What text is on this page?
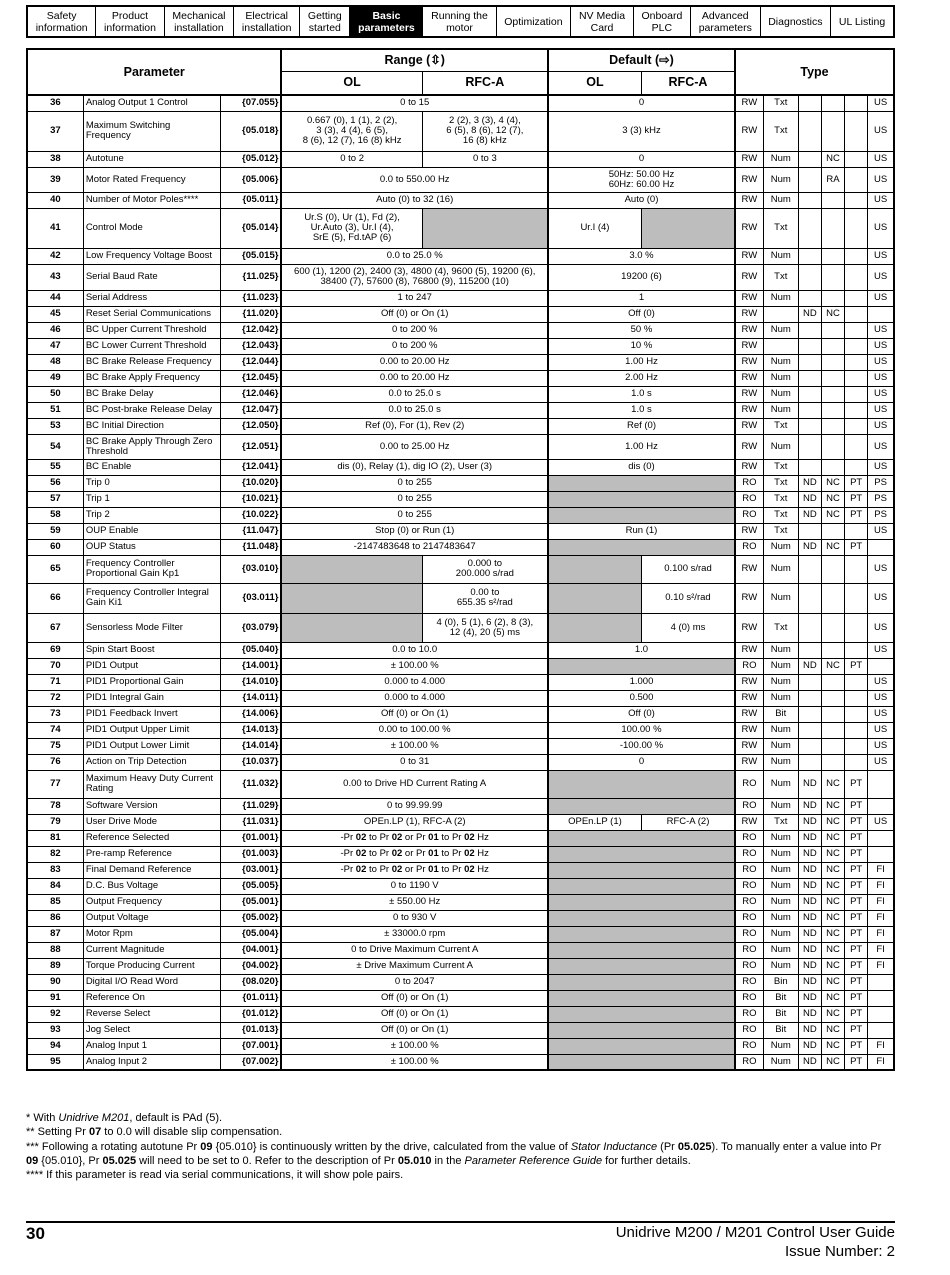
Safety
information
Product
information
Mechanical
installation
Electrical
installation
Getting
started
Basic
parameters
Running the
motor	Optimization	NV Media
Card
Onboard
PLC
Advanced
parameters	Diagnostics	UL Listing
Parameter			Range (⇳)		Default (⇨)		Type					
			OL	RFC-A	OL	RFC-A						
36	Analog Output 1 Control	{07.055}	0 to 15		0		RW	Txt				US
37	Maximum Switching Frequency	{05.018}	0.667 (0), 1 (1), 2 (2),
3 (3), 4 (4), 6 (5),
8 (6), 12 (7), 16 (8) kHz	2 (2), 3 (3), 4 (4),
6 (5), 8 (6), 12 (7),
16 (8) kHz	3 (3) kHz		RW	Txt				US
38	Autotune	{05.012}	0 to 2	0 to 3	0		RW	Num		NC		US
39	Motor Rated Frequency	{05.006}	0.0 to 550.00 Hz		50Hz: 50.00 Hz
60Hz: 60.00 Hz		RW	Num		RA		US
40	Number of Motor Poles****	{05.011}	Auto (0) to 32 (16)		Auto (0)		RW	Num				US
41	Control Mode	{05.014}	Ur.S (0), Ur (1), Fd (2),
Ur.Auto (3), Ur.I (4),
SrE (5), Fd.tAP (6)		Ur.I (4)		RW	Txt				US
42	Low Frequency Voltage Boost	{05.015}	0.0 to 25.0 %		3.0 %		RW	Num				US
43	Serial Baud Rate	{11.025}	600 (1), 1200 (2), 2400 (3), 4800 (4), 9600 (5), 19200 (6),
38400 (7), 57600 (8), 76800 (9), 115200 (10)		19200 (6)		RW	Txt				US
44	Serial Address	{11.023}	1 to 247		1		RW	Num				US
45	Reset Serial Communications	{11.020}	Off (0) or On (1)		Off (0)		RW		ND	NC		
46	BC Upper Current Threshold	{12.042}	0 to 200 %		50 %		RW	Num				US
47	BC Lower Current Threshold	{12.043}	0 to 200 %		10 %		RW					US
48	BC Brake Release Frequency	{12.044}	0.00 to 20.00 Hz		1.00 Hz		RW	Num				US
49	BC Brake Apply Frequency	{12.045}	0.00 to 20.00 Hz		2.00 Hz		RW	Num				US
50	BC Brake Delay	{12.046}	0.0 to 25.0 s		1.0 s		RW	Num				US
51	BC Post-brake Release Delay	{12.047}	0.0 to 25.0 s		1.0 s		RW	Num				US
53	BC Initial Direction	{12.050}	Ref (0), For (1), Rev (2)		Ref (0)		RW	Txt				US
54	BC Brake Apply Through Zero
Threshold	{12.051}	0.00 to 25.00 Hz		1.00 Hz		RW	Num				US
55	BC Enable	{12.041}	dis (0), Relay (1), dig IO (2), User (3)		dis (0)		RW	Txt				US
56	Trip 0	{10.020}	0 to 255				RO	Txt	ND	NC	PT	PS
57	Trip 1	{10.021}	0 to 255				RO	Txt	ND	NC	PT	PS
58	Trip 2	{10.022}	0 to 255				RO	Txt	ND	NC	PT	PS
59	OUP Enable	{11.047}	Stop (0) or Run (1)		Run (1)		RW	Txt				US
60	OUP Status	{11.048}	-2147483648 to 2147483647				RO	Num	ND	NC	PT	
65	Frequency Controller
Proportional Gain Kp1	{03.010}		0.000 to
200.000 s/rad		0.100 s/rad	RW	Num				US
66	Frequency Controller Integral
Gain Ki1	{03.011}		0.00 to
655.35 s²/rad		0.10 s²/rad	RW	Num				US
67	Sensorless Mode Filter	{03.079}		4 (0), 5 (1), 6 (2), 8 (3),
12 (4), 20 (5) ms		4 (0) ms	RW	Txt				US
69	Spin Start Boost	{05.040}	0.0 to 10.0		1.0		RW	Num				US
70	PID1 Output	{14.001}	± 100.00 %				RO	Num	ND	NC	PT	
71	PID1 Proportional Gain	{14.010}	0.000 to 4.000		1.000		RW	Num				US
72	PID1 Integral Gain	{14.011}	0.000 to 4.000		0.500		RW	Num				US
73	PID1 Feedback Invert	{14.006}	Off (0) or On (1)		Off (0)		RW	Bit				US
74	PID1 Output Upper Limit	{14.013}	0.00 to 100.00 %		100.00 %		RW	Num				US
75	PID1 Output Lower Limit	{14.014}	± 100.00 %		-100.00 %		RW	Num				US
76	Action on Trip Detection	{10.037}	0 to 31		0		RW	Num				US
77	Maximum Heavy Duty Current
Rating	{11.032}	0.00 to Drive HD Current Rating A				RO	Num	ND	NC	PT	
78	Software Version	{11.029}	0 to 99.99.99				RO	Num	ND	NC	PT	
79	User Drive Mode	{11.031}	OPEn.LP (1), RFC-A (2)		OPEn.LP (1)	RFC-A (2)	RW	Txt	ND	NC	PT	US
81	Reference Selected	{01.001}	-Pr 02 to Pr 02 or Pr 01 to Pr 02 Hz				RO	Num	ND	NC	PT	
82	Pre-ramp Reference	{01.003}	-Pr 02 to Pr 02 or Pr 01 to Pr 02 Hz				RO	Num	ND	NC	PT	
83	Final Demand Reference	{03.001}	-Pr 02 to Pr 02 or Pr 01 to Pr 02 Hz				RO	Num	ND	NC	PT	FI
84	D.C. Bus Voltage	{05.005}	0 to 1190 V				RO	Num	ND	NC	PT	FI
85	Output Frequency	{05.001}	± 550.00 Hz				RO	Num	ND	NC	PT	FI
86	Output Voltage	{05.002}	0 to 930 V				RO	Num	ND	NC	PT	FI
87	Motor Rpm	{05.004}	± 33000.0 rpm				RO	Num	ND	NC	PT	FI
88	Current Magnitude	{04.001}	0 to Drive Maximum Current A				RO	Num	ND	NC	PT	FI
89	Torque Producing Current	{04.002}	± Drive Maximum Current A				RO	Num	ND	NC	PT	FI
90	Digital I/O Read Word	{08.020}	0 to 2047				RO	Bin	ND	NC	PT	
91	Reference On	{01.011}	Off (0) or On (1)				RO	Bit	ND	NC	PT	
92	Reverse Select	{01.012}	Off (0) or On (1)				RO	Bit	ND	NC	PT	
93	Jog Select	{01.013}	Off (0) or On (1)				RO	Bit	ND	NC	PT	
94	Analog Input 1	{07.001}	± 100.00 %				RO	Num	ND	NC	PT	FI
95	Analog Input 2	{07.002}	± 100.00 %				RO	Num	ND	NC	PT	FI

* With Unidrive M201, default is PAd (5).

** Setting Pr 07 to 0.0 will disable slip compensation.

*** Following a rotating autotune Pr 09 {05.010} is continuously written by the drive, calculated from the value of Stator Inductance (Pr 05.025). To manually enter a value into Pr 09 {05.010}, Pr 05.025 will need to be set to 0. Refer to the description of Pr 05.010 in the Parameter Reference Guide for further details.

**** If this parameter is read via serial communications, it will show pole pairs.

30	Unidrive M200 / M201 Control User Guide
Issue Number: 2
